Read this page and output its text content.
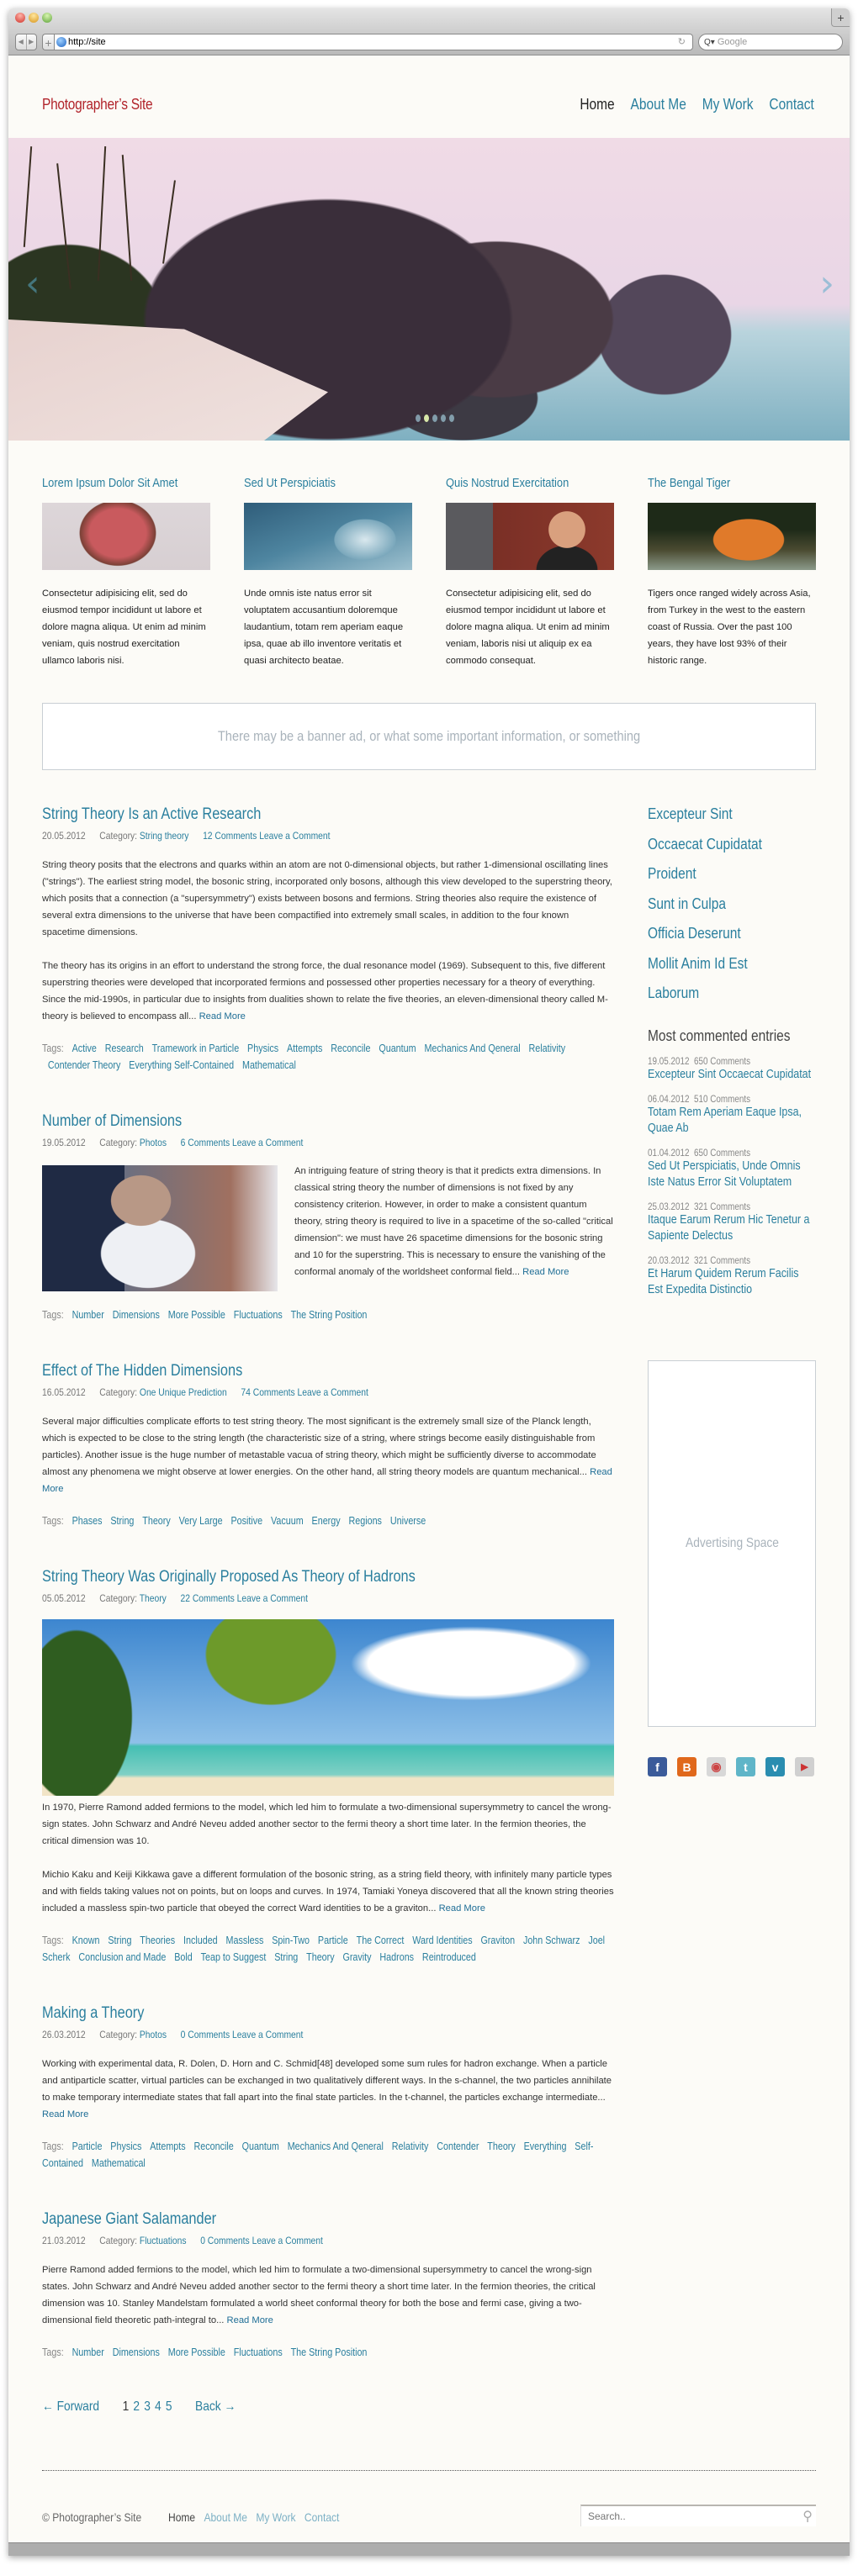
+
◀ ▶ + http://site	↻ Q▾ Google
Photographer’s Site	Home About Me My Work Contact
‹	›
Lorem Ipsum Dolor Sit Amet

Consectetur adipisicing elit, sed do eiusmod tempor incididunt ut labore et dolore magna aliqua. Ut enim ad minim veniam, quis nostrud exercitation ullamco laboris nisi.

Sed Ut Perspiciatis

Unde omnis iste natus error sit voluptatem accusantium doloremque laudantium, totam rem aperiam eaque ipsa, quae ab illo inventore veritatis et quasi architecto beatae.

Quis Nostrud Exercitation

Consectetur adipisicing elit, sed do eiusmod tempor incididunt ut labore et dolore magna aliqua. Ut enim ad minim veniam, laboris nisi ut aliquip ex ea commodo consequat.

The Bengal Tiger

Tigers once ranged widely across Asia, from Turkey in the west to the eastern coast of Russia. Over the past 100 years, they have lost 93% of their historic range.

There may be a banner ad, or what some important information, or something
String Theory Is an Active Research
20.05.2012 Category: String theory 12 Comments Leave a Comment

String theory posits that the electrons and quarks within an atom are not 0-dimensional objects, but rather 1-dimensional oscillating lines ("strings"). The earliest string model, the bosonic string, incorporated only bosons, although this view developed to the superstring theory, which posits that a connection (a "supersymmetry") exists between bosons and fermions. String theories also require the existence of several extra dimensions to the universe that have been compactified into extremely small scales, in addition to the four known spacetime dimensions.

The theory has its origins in an effort to understand the strong force, the dual resonance model (1969). Subsequent to this, five different superstring theories were developed that incorporated fermions and possessed other properties necessary for a theory of everything. Since the mid-1990s, in particular due to insights from dualities shown to relate the five theories, an eleven-dimensional theory called M-theory is believed to encompass all... Read More

Tags: Active Research Tramework in Particle Physics Attempts Reconcile Quantum Mechanics And Qeneral Relativity Contender Theory Everything Self-Contained Mathematical
Number of Dimensions
19.05.2012 Category: Photos 6 Comments Leave a Comment

An intriguing feature of string theory is that it predicts extra dimensions. In classical string theory the number of dimensions is not fixed by any consistency criterion. However, in order to make a consistent quantum theory, string theory is required to live in a spacetime of the so-called "critical dimension": we must have 26 spacetime dimensions for the bosonic string and 10 for the superstring. This is necessary to ensure the vanishing of the conformal anomaly of the worldsheet conformal field... Read More

Tags: Number Dimensions More Possible Fluctuations The String Position
Effect of The Hidden Dimensions
16.05.2012 Category: One Unique Prediction 74 Comments Leave a Comment

Several major difficulties complicate efforts to test string theory. The most significant is the extremely small size of the Planck length, which is expected to be close to the string length (the characteristic size of a string, where strings become easily distinguishable from particles). Another issue is the huge number of metastable vacua of string theory, which might be sufficiently diverse to accommodate almost any phenomena we might observe at lower energies. On the other hand, all string theory models are quantum mechanical... Read More

Tags: Phases String Theory Very Large Positive Vacuum Energy Regions Universe
String Theory Was Originally Proposed As Theory of Hadrons
05.05.2012 Category: Theory 22 Comments Leave a Comment

In 1970, Pierre Ramond added fermions to the model, which led him to formulate a two-dimensional supersymmetry to cancel the wrong-sign states. John Schwarz and André Neveu added another sector to the fermi theory a short time later. In the fermion theories, the critical dimension was 10.

Michio Kaku and Keiji Kikkawa gave a different formulation of the bosonic string, as a string field theory, with infinitely many particle types and with fields taking values not on points, but on loops and curves. In 1974, Tamiaki Yoneya discovered that all the known string theories included a massless spin-two particle that obeyed the correct Ward identities to be a graviton... Read More

Tags: Known String Theories Included Massless Spin-Two Particle The Correct Ward Identities Graviton John Schwarz Joel Scherk Conclusion and Made Bold Teap to Suggest String Theory Gravity Hadrons Reintroduced
Making a Theory
26.03.2012 Category: Photos 0 Comments Leave a Comment

Working with experimental data, R. Dolen, D. Horn and C. Schmid[48] developed some sum rules for hadron exchange. When a particle and antiparticle scatter, virtual particles can be exchanged in two qualitatively different ways. In the s-channel, the two particles annihilate to make temporary intermediate states that fall apart into the final state particles. In the t-channel, the particles exchange intermediate... Read More

Tags: Particle Physics Attempts Reconcile Quantum Mechanics And Qeneral Relativity Contender Theory Everything Self-Contained Mathematical
Japanese Giant Salamander
21.03.2012 Category: Fluctuations 0 Comments Leave a Comment

Pierre Ramond added fermions to the model, which led him to formulate a two-dimensional supersymmetry to cancel the wrong-sign states. John Schwarz and André Neveu added another sector to the fermi theory a short time later. In the fermion theories, the critical dimension was 10. Stanley Mandelstam formulated a world sheet conformal theory for both the bose and fermi case, giving a two-dimensional field theoretic path-integral to... Read More

Tags: Number Dimensions More Possible Fluctuations The String Position
← Forward 1 2 3 4 5 Back →
Excepteur Sint
Occaecat Cupidatat
Proident
Sunt in Culpa
Officia Deserunt
Mollit Anim Id Est
Laborum
Most commented entries
19.05.2012 650 Comments
Excepteur Sint Occaecat Cupidatat
06.04.2012 510 Comments
Totam Rem Aperiam Eaque Ipsa, Quae Ab
01.04.2012 650 Comments
Sed Ut Perspiciatis, Unde Omnis Iste Natus Error Sit Voluptatem
25.03.2012 321 Comments
Itaque Earum Rerum Hic Tenetur a Sapiente Delectus
20.03.2012 321 Comments
Et Harum Quidem Rerum Facilis Est Expedita Distinctio
Advertising Space
f	B	◉	t	v	▶
© Photographer’s Site Home About Me My Work Contact
Search..	⚲
